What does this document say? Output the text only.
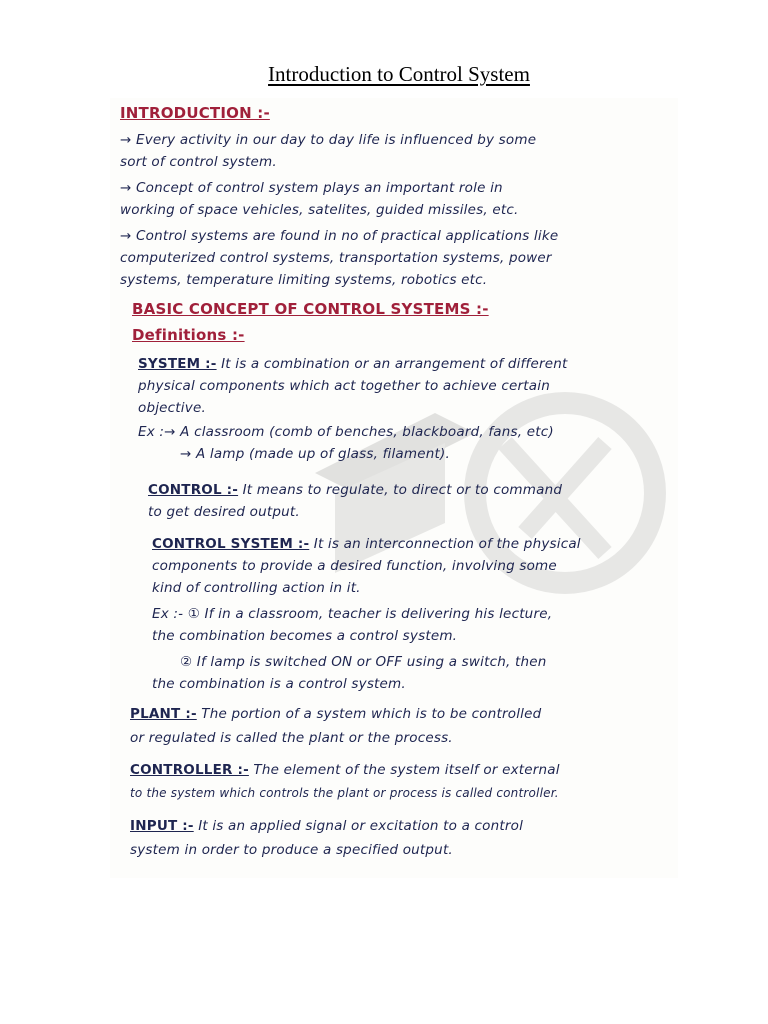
Introduction to Control System
INTRODUCTION :-
→ Every activity in our day to day life is influenced by some
sort of control system.
→ Concept of control system plays an important role in
working of space vehicles, satelites, guided missiles, etc.
→ Control systems are found in no of practical applications like
computerized control systems, transportation systems, power
systems, temperature limiting systems, robotics etc.
BASIC CONCEPT OF CONTROL SYSTEMS :-
Definitions :-
SYSTEM :- It is a combination or an arrangement of different
physical components which act together to achieve certain
objective.
Ex :→ A classroom (comb of benches, blackboard, fans, etc)
→ A lamp (made up of glass, filament).
CONTROL :- It means to regulate, to direct or to command
to get desired output.
CONTROL SYSTEM :- It is an interconnection of the physical
components to provide a desired function, involving some
kind of controlling action in it.
Ex :- ① If in a classroom, teacher is delivering his lecture,
the combination becomes a control system.
② If lamp is switched ON or OFF using a switch, then
the combination is a control system.
PLANT :- The portion of a system which is to be controlled
or regulated is called the plant or the process.
CONTROLLER :- The element of the system itself or external
to the system which controls the plant or process is called controller.
INPUT :- It is an applied signal or excitation to a control
system in order to produce a specified output.
